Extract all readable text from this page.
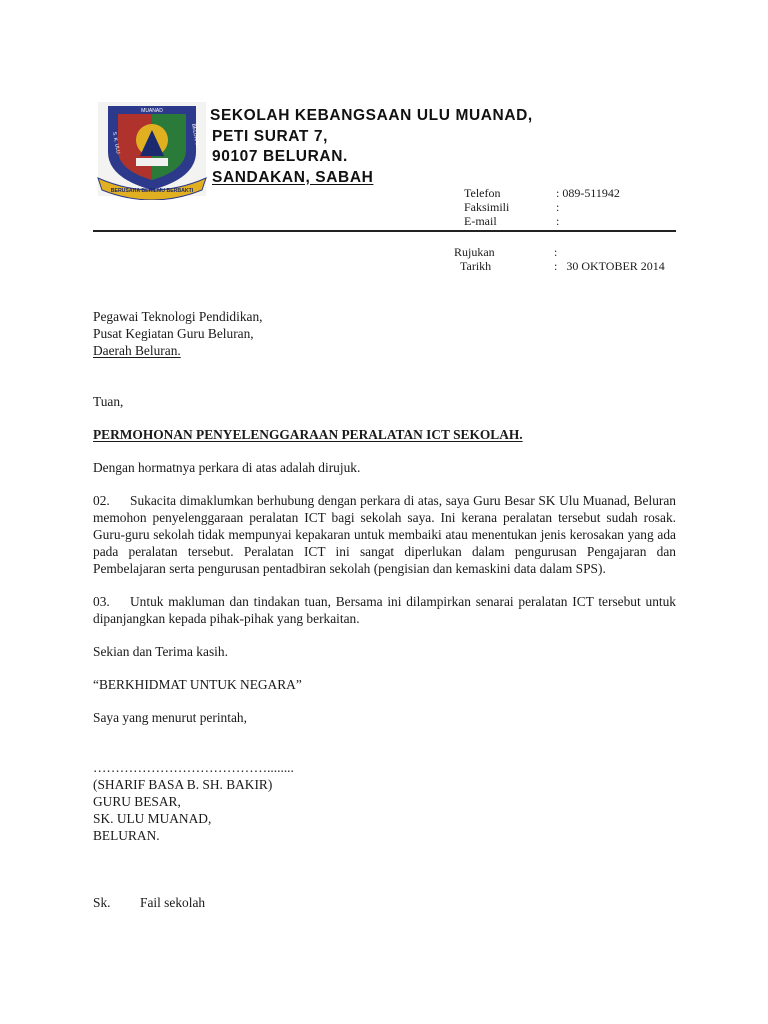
MUANAD
S. K. ULU	BELURAN
BERUSAHA BERILMU BERBAKTI
SEKOLAH KEBANGSAAN ULU MUANAD,
PETI SURAT 7,
90107 BELURAN.
SANDAKAN, SABAH
Telefon	: 089-511942
Faksimili	:
E-mail	:
Rujukan	:
Tarikh	:   30 OKTOBER 2014
Pegawai Teknologi Pendidikan,
Pusat Kegiatan Guru Beluran,
Daerah Beluran.

Tuan,

PERMOHONAN PENYELENGGARAAN PERALATAN ICT SEKOLAH.

Dengan hormatnya perkara di atas adalah dirujuk.

02. Sukacita dimaklumkan berhubung dengan perkara di atas, saya Guru Besar SK Ulu Muanad, Beluran memohon penyelenggaraan peralatan ICT bagi sekolah saya. Ini kerana peralatan tersebut sudah rosak. Guru-guru sekolah tidak mempunyai kepakaran untuk membaiki atau menentukan jenis kerosakan yang ada pada peralatan tersebut. Peralatan ICT ini sangat diperlukan dalam pengurusan Pengajaran dan Pembelajaran serta pengurusan pentadbiran sekolah (pengisian dan kemaskini data dalam SPS).

03. Untuk makluman dan tindakan tuan, Bersama ini dilampirkan senarai peralatan ICT tersebut untuk dipanjangkan kepada pihak-pihak yang berkaitan.

Sekian dan Terima kasih.

“BERKHIDMAT UNTUK NEGARA”

Saya yang menurut perintah,

…………………………………........
(SHARIF BASA B. SH. BAKIR)
GURU BESAR,
SK. ULU MUANAD,
BELURAN.
Sk.	Fail sekolah
